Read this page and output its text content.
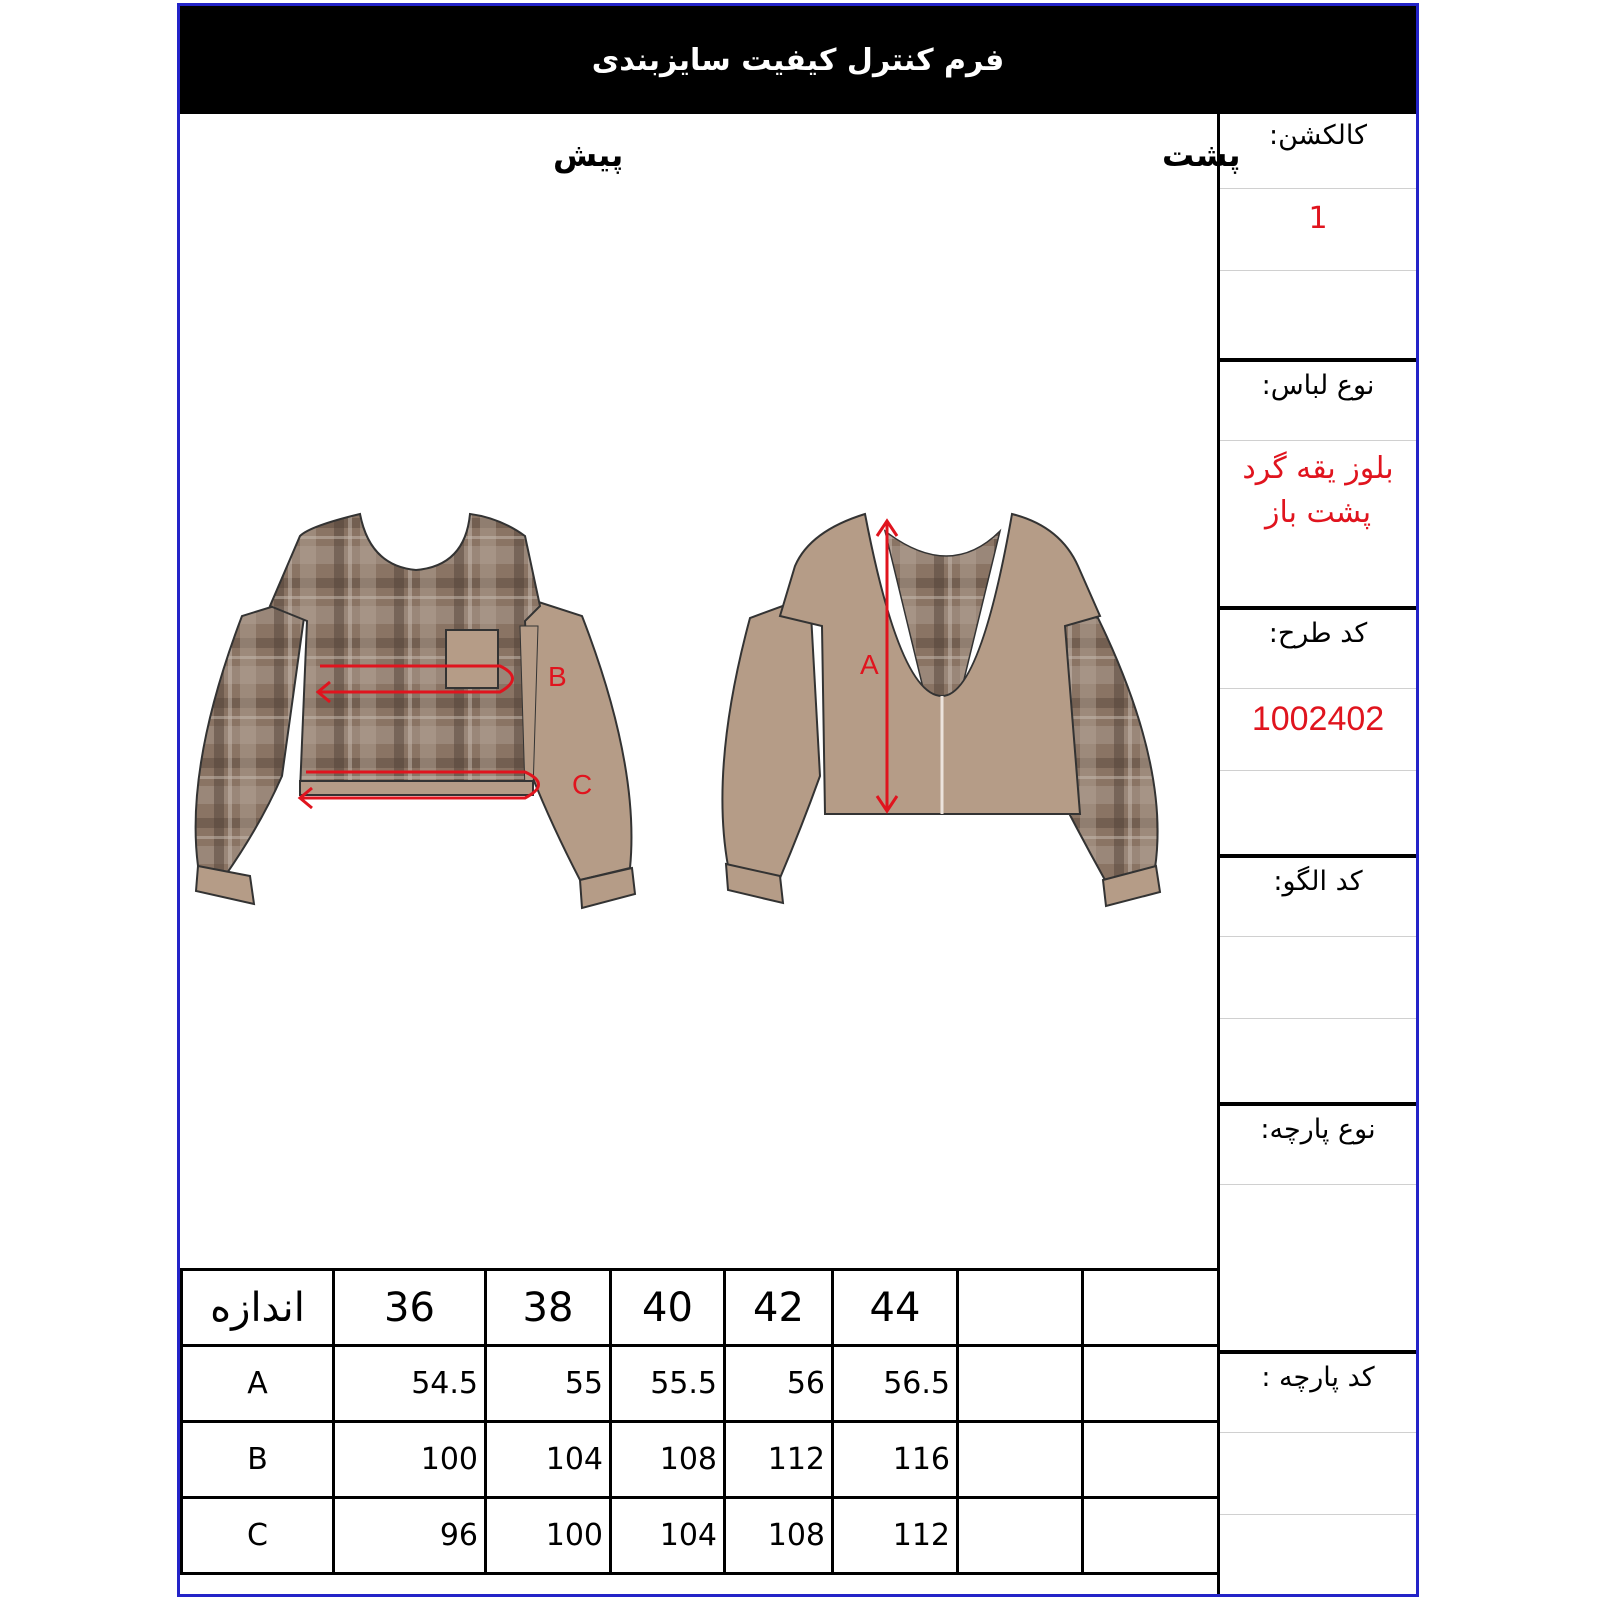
فرم کنترل کیفیت سایزبندی
پیش	پشت
B
C
A
کالکشن:
1
نوع لباس:
بلوز یقه گرد
پشت باز
کد طرح:
1002402
کد الگو:
نوع پارچه:
کد پارچه :
اندازه	36	38	40	42	44		
A	54.5	55	55.5	56	56.5		
B	100	104	108	112	116		
C	96	100	104	108	112		
